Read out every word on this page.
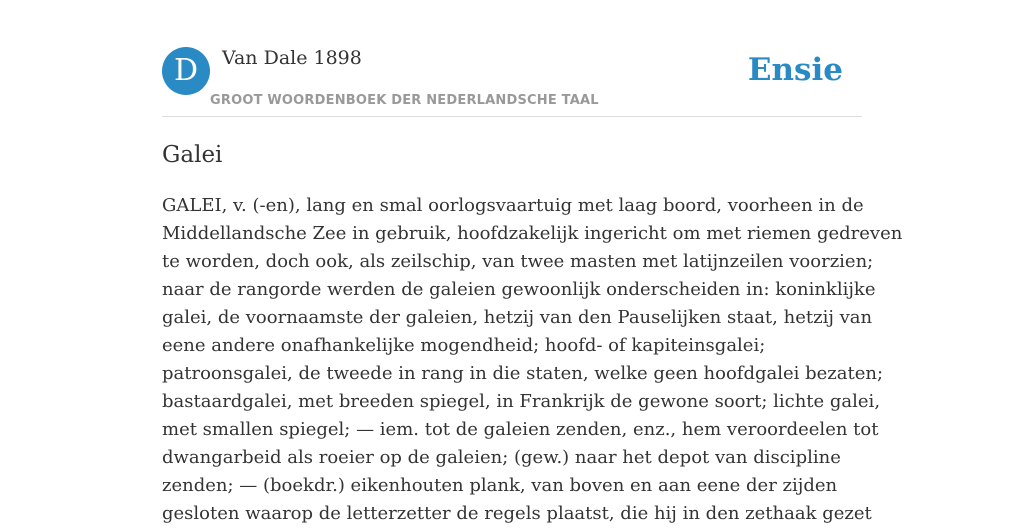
D	Van Dale 1898
GROOT WOORDENBOEK DER NEDERLANDSCHE TAAL
Ensie
Galei
GALEI, v. (-en), lang en smal oorlogsvaartuig met laag boord, voorheen in de
Middellandsche Zee in gebruik, hoofdzakelijk ingericht om met riemen gedreven
te worden, doch ook, als zeilschip, van twee masten met latijnzeilen voorzien;
naar de rangorde werden de galeien gewoonlijk onderscheiden in: koninklijke
galei, de voornaamste der galeien, hetzij van den Pauselijken staat, hetzij van
eene andere onafhankelijke mogendheid; hoofd- of kapiteinsgalei;
patroonsgalei, de tweede in rang in die staten, welke geen hoofdgalei bezaten;
bastaardgalei, met breeden spiegel, in Frankrijk de gewone soort; lichte galei,
met smallen spiegel; — iem. tot de galeien zenden, enz., hem veroordeelen tot
dwangarbeid als roeier op de galeien; (gew.) naar het depot van discipline
zenden; — (boekdr.) eikenhouten plank, van boven en aan eene der zijden
gesloten waarop de letterzetter de regels plaatst, die hij in den zethaak gezet
